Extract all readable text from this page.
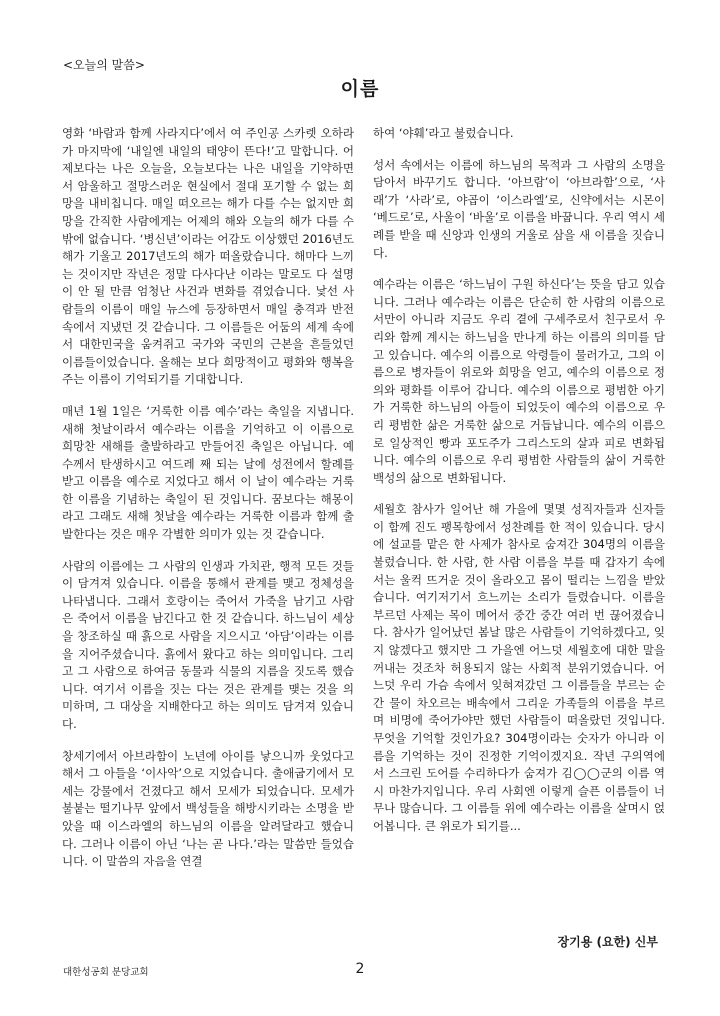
<오늘의 말씀>
이름

영화 ‘바람과 함께 사라지다’에서 여 주인공 스카렛 오하라가 마지막에 ‘내일엔 내일의 태양이 뜬다!’고 말합니다. 어제보다는 나은 오늘을, 오늘보다는 나은 내일을 기약하면서 암울하고 절망스러운 현실에서 절대 포기할 수 없는 희망을 내비칩니다. 매일 떠오르는 해가 다를 수는 없지만 희망을 간직한 사람에게는 어제의 해와 오늘의 해가 다를 수밖에 없습니다. ‘병신년’이라는 어감도 이상했던 2016년도 해가 기울고 2017년도의 해가 떠올랐습니다. 해마다 느끼는 것이지만 작년은 정말 다사다난 이라는 말로도 다 설명이 안 될 만큼 엄청난 사건과 변화를 겪었습니다. 낯선 사람들의 이름이 매일 뉴스에 등장하면서 매일 충격과 반전 속에서 지냈던 것 같습니다. 그 이름들은 어둠의 세계 속에서 대한민국을 움켜쥐고 국가와 국민의 근본을 흔들었던 이름들이었습니다. 올해는 보다 희망적이고 평화와 행복을 주는 이름이 기억되기를 기대합니다.

매년 1월 1일은 ‘거룩한 이름 예수’라는 축일을 지냅니다. 새해 첫날이라서 예수라는 이름을 기억하고 이 이름으로 희망찬 새해를 출발하라고 만들어진 축일은 아닙니다. 예수께서 탄생하시고 여드레 째 되는 날에 성전에서 할례를 받고 이름을 예수로 지었다고 해서 이 날이 예수라는 거룩한 이름을 기념하는 축일이 된 것입니다. 꿈보다는 해몽이라고 그래도 새해 첫날을 예수라는 거룩한 이름과 함께 출발한다는 것은 매우 각별한 의미가 있는 것 같습니다.

사람의 이름에는 그 사람의 인생과 가치관, 행적 모든 것들이 담겨져 있습니다. 이름을 통해서 관계를 맺고 정체성을 나타냅니다. 그래서 호랑이는 죽어서 가죽을 남기고 사람은 죽어서 이름을 남긴다고 한 것 같습니다. 하느님이 세상을 창조하실 때 흙으로 사람을 지으시고 ‘아담’이라는 이름을 지어주셨습니다. 흙에서 왔다고 하는 의미입니다. 그리고 그 사람으로 하여금 동물과 식물의 지름을 짓도록 했습니다. 여기서 이름을 짓는 다는 것은 관계를 맺는 것을 의미하며, 그 대상을 지배한다고 하는 의미도 담겨져 있습니다.

창세기에서 아브라함이 노년에 아이를 낳으니까 웃었다고 해서 그 아들을 ‘이사악’으로 지었습니다. 출애굽기에서 모세는 강물에서 건졌다고 해서 모세가 되었습니다. 모세가 불붙는 떨기나무 앞에서 백성들을 해방시키라는 소명을 받았을 때 이스라엘의 하느님의 이름을 알려달라고 했습니다. 그러나 이름이 아닌 ‘나는 곧 나다.’라는 말씀만 들었습니다. 이 말씀의 자음을 연결

하여 ‘야훼’라고 불렀습니다.

성서 속에서는 이름에 하느님의 목적과 그 사람의 소명을 담아서 바꾸기도 합니다. ‘아브람’이 ‘아브라함’으로, ‘사래’가 ‘사라’로, 야곱이 ‘이스라엘’로, 신약에서는 시몬이 ‘베드로’로, 사울이 ‘바울’로 이름을 바꿉니다. 우리 역시 세례를 받을 때 신앙과 인생의 거울로 삼을 새 이름을 짓습니다.

예수라는 이름은 ‘하느님이 구원 하신다’는 뜻을 담고 있습니다. 그러나 예수라는 이름은 단순히 한 사람의 이름으로서만이 아니라 지금도 우리 곁에 구세주로서 친구로서 우리와 함께 계시는 하느님을 만나게 하는 이름의 의미를 담고 있습니다. 예수의 이름으로 악령들이 물러가고, 그의 이름으로 병자들이 위로와 희망을 얻고, 예수의 이름으로 정의와 평화를 이루어 갑니다. 예수의 이름으로 평범한 아기가 거룩한 하느님의 아들이 되었듯이 예수의 이름으로 우리 평범한 삶은 거룩한 삶으로 거듭납니다. 예수의 이름으로 일상적인 빵과 포도주가 그리스도의 살과 피로 변화됩니다. 예수의 이름으로 우리 평범한 사람들의 삶이 거룩한 백성의 삶으로 변화됩니다.

세월호 참사가 일어난 해 가을에 몇몇 성직자들과 신자들이 함께 진도 팽목항에서 성찬례를 한 적이 있습니다. 당시에 설교를 맡은 한 사제가 참사로 숨져간 304명의 이름을 불렀습니다. 한 사람, 한 사람 이름을 부를 때 갑자기 속에서는 울컥 뜨거운 것이 올라오고 몸이 떨리는 느낌을 받았습니다. 여기저기서 흐느끼는 소리가 들렸습니다. 이름을 부르던 사제는 목이 메어서 중간 중간 여러 번 끊어졌습니다. 참사가 일어났던 봄날 많은 사람들이 기억하겠다고, 잊지 않겠다고 했지만 그 가을엔 어느덧 세월호에 대한 말을 꺼내는 것조차 허용되지 않는 사회적 분위기였습니다. 어느덧 우리 가슴 속에서 잊혀져갔던 그 이름들을 부르는 순간 물이 차오르는 배속에서 그리운 가족들의 이름을 부르며 비명에 죽어가야만 했던 사람들이 떠올랐던 것입니다. 무엇을 기억할 것인가요? 304명이라는 숫자가 아니라 이름을 기억하는 것이 진정한 기억이겠지요. 작년 구의역에서 스크린 도어를 수리하다가 숨져가 김◯◯군의 이름 역시 마찬가지입니다. 우리 사회엔 이렇게 슬픈 이름들이 너무나 많습니다. 그 이름들 위에 예수라는 이름을 살며시 얹어봅니다. 큰 위로가 되기를...

장기용 (요한) 신부
대한성공회 분당교회	2
